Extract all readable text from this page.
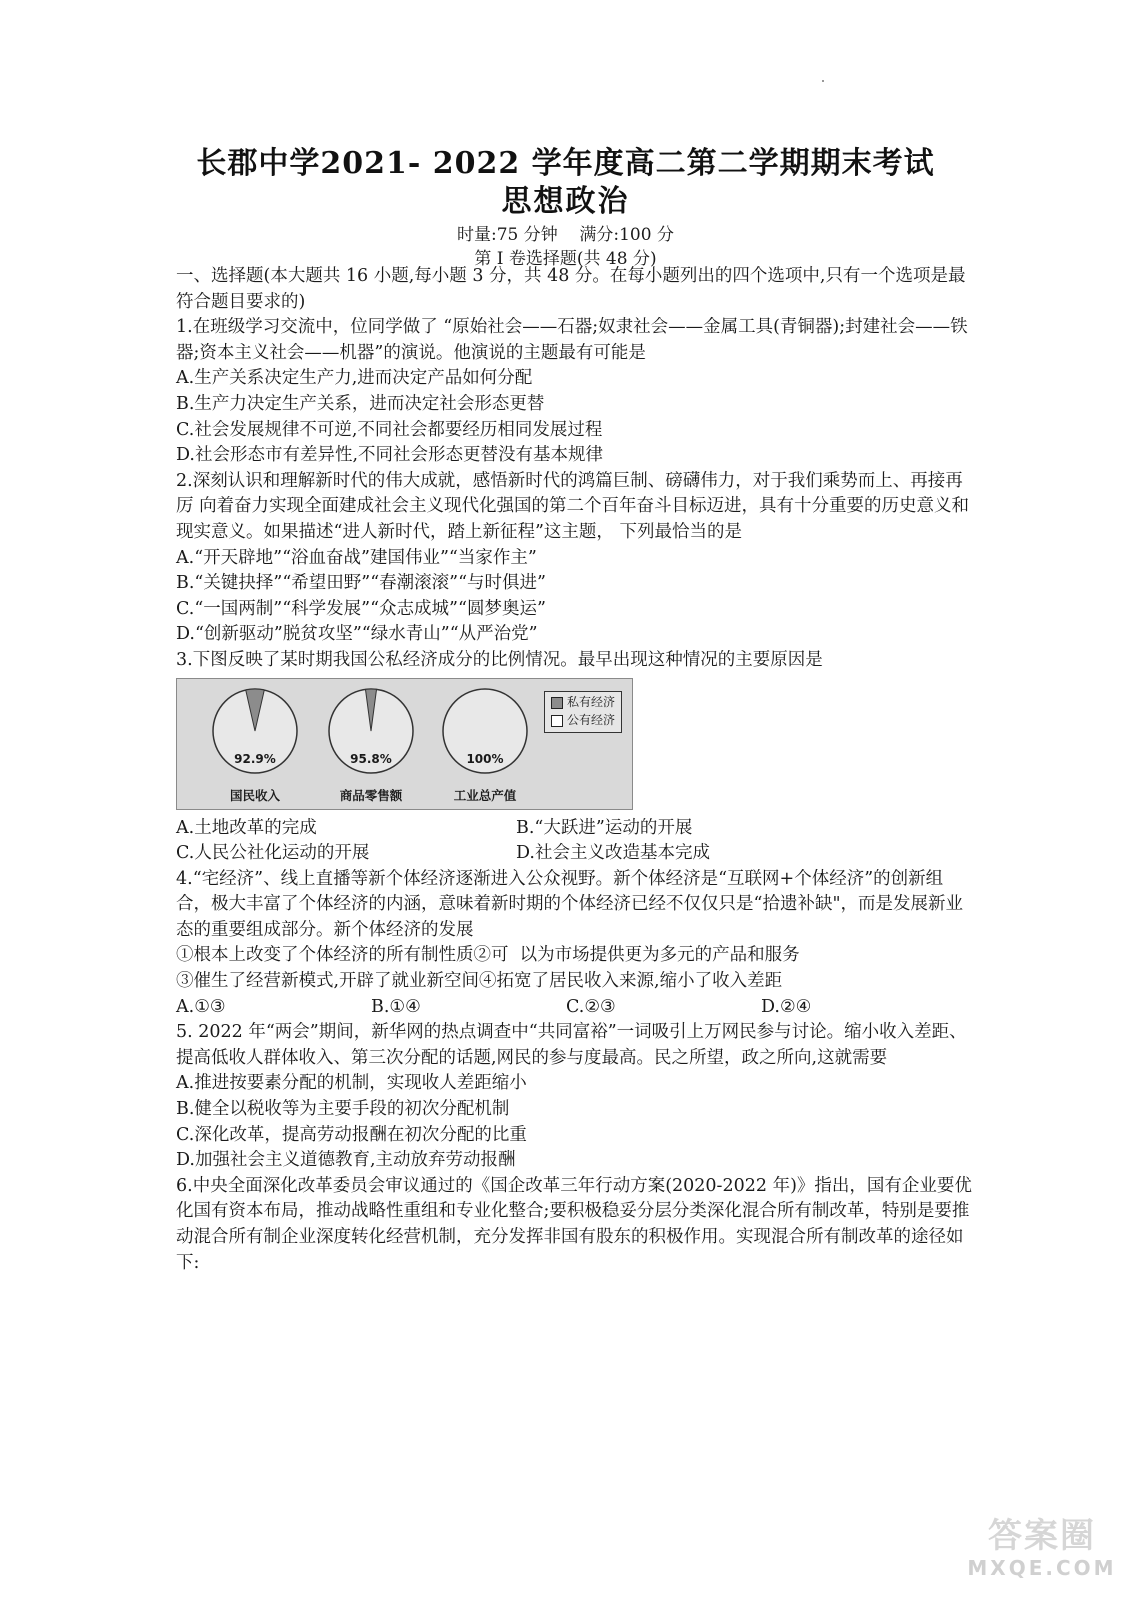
长郡中学2021- 2022 学年度高二第二学期期末考试
思想政治
时量:75 分钟    满分:100 分
第 I 卷选择题(共 48 分)
一、选择题(本大题共 16 小题,每小题 3 分，共 48 分。在每小题列出的四个选项中,只有一个选项是最符合题目要求的)
1.在班级学习交流中，位同学做了 “原始社会——石器;奴隶社会——金属工具(青铜器);封建社会——铁器;资本主义社会——机器”的演说。他演说的主题最有可能是
A.生产关系决定生产力,进而决定产品如何分配
B.生产力决定生产关系，进而决定社会形态更替
C.社会发展规律不可逆,不同社会都要经历相同发展过程
D.社会形态市有差异性,不同社会形态更替没有基本规律
2.深刻认识和理解新时代的伟大成就，感悟新时代的鸿篇巨制、磅礴伟力，对于我们乘势而上、再接再厉 向着奋力实现全面建成社会主义现代化强国的第二个百年奋斗目标迈进，具有十分重要的历史意义和现实意义。如果描述“进人新时代，踏上新征程”这主题， 下列最恰当的是
A.“开天辟地”“浴血奋战”建国伟业”“当家作主”
B.“关键抉择”“希望田野”“春潮滚滚”“与时俱进”
C.“一国两制”“科学发展”“众志成城”“圆梦奥运”
D.“创新驱动”脱贫攻坚”“绿水青山”“从严治党”
3.下图反映了某时期我国公私经济成分的比例情况。最早出现这种情况的主要原因是
92.9%
国民收入
95.8%
商品零售额
100%
工业总产值
私有经济
公有经济
A.土地改革的完成	B.“大跃进”运动的开展
C.人民公社化运动的开展	D.社会主义改造基本完成
4.“宅经济”、线上直播等新个体经济逐渐进入公众视野。新个体经济是“互联网+个体经济”的创新组合，极大丰富了个体经济的内涵，意味着新时期的个体经济已经不仅仅只是“拾遗补缺"，而是发展新业态的重要组成部分。新个体经济的发展
①根本上改变了个体经济的所有制性质②可  以为市场提供更为多元的产品和服务
③催生了经营新模式,开辟了就业新空间④拓宽了居民收入来源,缩小了收入差距
A.①③	B.①④	C.②③	D.②④
5. 2022 年“两会”期间，新华网的热点调查中“共同富裕”一词吸引上万网民参与讨论。缩小收入差距、提高低收人群体收入、第三次分配的话题,网民的参与度最高。民之所望，政之所向,这就需要
A.推进按要素分配的机制，实现收人差距缩小
B.健全以税收等为主要手段的初次分配机制
C.深化改革，提高劳动报酬在初次分配的比重
D.加强社会主义道德教育,主动放弃劳动报酬
6.中央全面深化改革委员会审议通过的《国企改革三年行动方案(2020-2022 年)》指出，国有企业要优化国有资本布局，推动战略性重组和专业化整合;要积极稳妥分层分类深化混合所有制改革，特别是要推动混合所有制企业深度转化经营机制，充分发挥非国有股东的积极作用。实现混合所有制改革的途径如下:
答案圈
MXQE.COM
